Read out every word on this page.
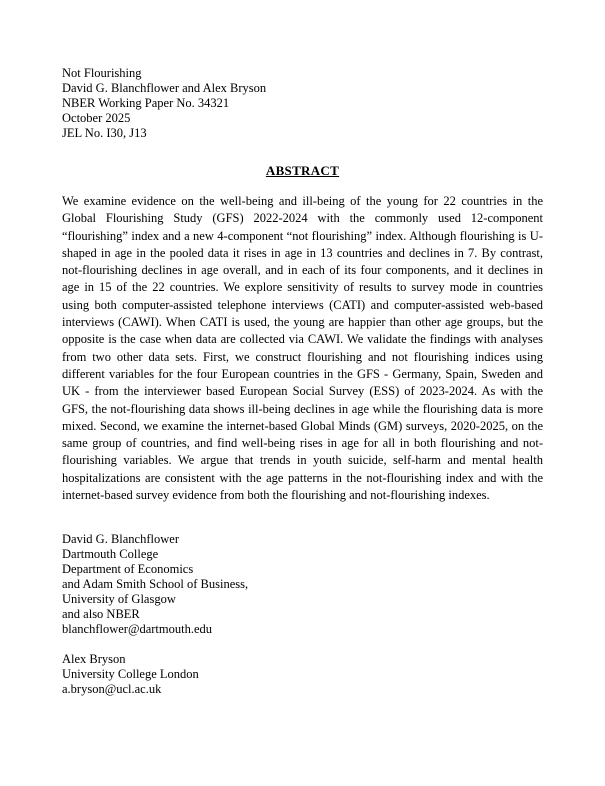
Not Flourishing
David G. Blanchflower and Alex Bryson
NBER Working Paper No. 34321
October 2025
JEL No. I30, J13
ABSTRACT

We examine evidence on the well-being and ill-being of the young for 22 countries in the Global Flourishing Study (GFS) 2022-2024 with the commonly used 12-component “flourishing” index and a new 4-component “not flourishing” index. Although flourishing is U-shaped in age in the pooled data it rises in age in 13 countries and declines in 7. By contrast, not-flourishing declines in age overall, and in each of its four components, and it declines in age in 15 of the 22 countries. We explore sensitivity of results to survey mode in countries using both computer-assisted telephone interviews (CATI) and computer-assisted web-based interviews (CAWI). When CATI is used, the young are happier than other age groups, but the opposite is the case when data are collected via CAWI. We validate the findings with analyses from two other data sets. First, we construct flourishing and not flourishing indices using different variables for the four European countries in the GFS - Germany, Spain, Sweden and UK - from the interviewer based European Social Survey (ESS) of 2023-2024. As with the GFS, the not-flourishing data shows ill-being declines in age while the flourishing data is more mixed. Second, we examine the internet-based Global Minds (GM) surveys, 2020-2025, on the same group of countries, and find well-being rises in age for all in both flourishing and not-flourishing variables. We argue that trends in youth suicide, self-harm and mental health hospitalizations are consistent with the age patterns in the not-flourishing index and with the internet-based survey evidence from both the flourishing and not-flourishing indexes.

David G. Blanchflower
Dartmouth College
Department of Economics
and Adam Smith School of Business,
University of Glasgow
and also NBER
blanchflower@dartmouth.edu
Alex Bryson
University College London
a.bryson@ucl.ac.uk
